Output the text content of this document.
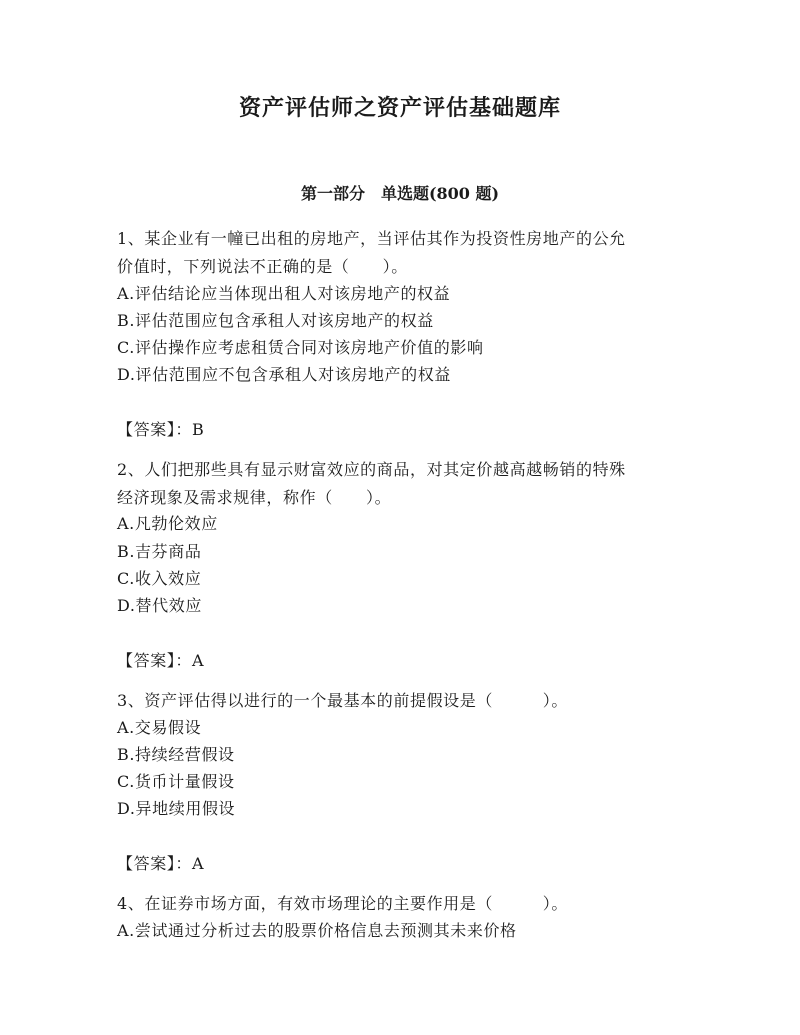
资产评估师之资产评估基础题库
第一部分　单选题(800 题)
1、某企业有一幢已出租的房地产，当评估其作为投资性房地产的公允
价值时，下列说法不正确的是（　　）。
A.评估结论应当体现出租人对该房地产的权益
B.评估范围应包含承租人对该房地产的权益
C.评估操作应考虑租赁合同对该房地产价值的影响
D.评估范围应不包含承租人对该房地产的权益
【答案】：B
2、人们把那些具有显示财富效应的商品，对其定价越高越畅销的特殊
经济现象及需求规律，称作（　　）。
A.凡勃伦效应
B.吉芬商品
C.收入效应
D.替代效应
【答案】：A
3、资产评估得以进行的一个最基本的前提假设是（　　　）。
A.交易假设
B.持续经营假设
C.货币计量假设
D.异地续用假设
【答案】：A
4、在证券市场方面，有效市场理论的主要作用是（　　　）。
A.尝试通过分析过去的股票价格信息去预测其未来价格
